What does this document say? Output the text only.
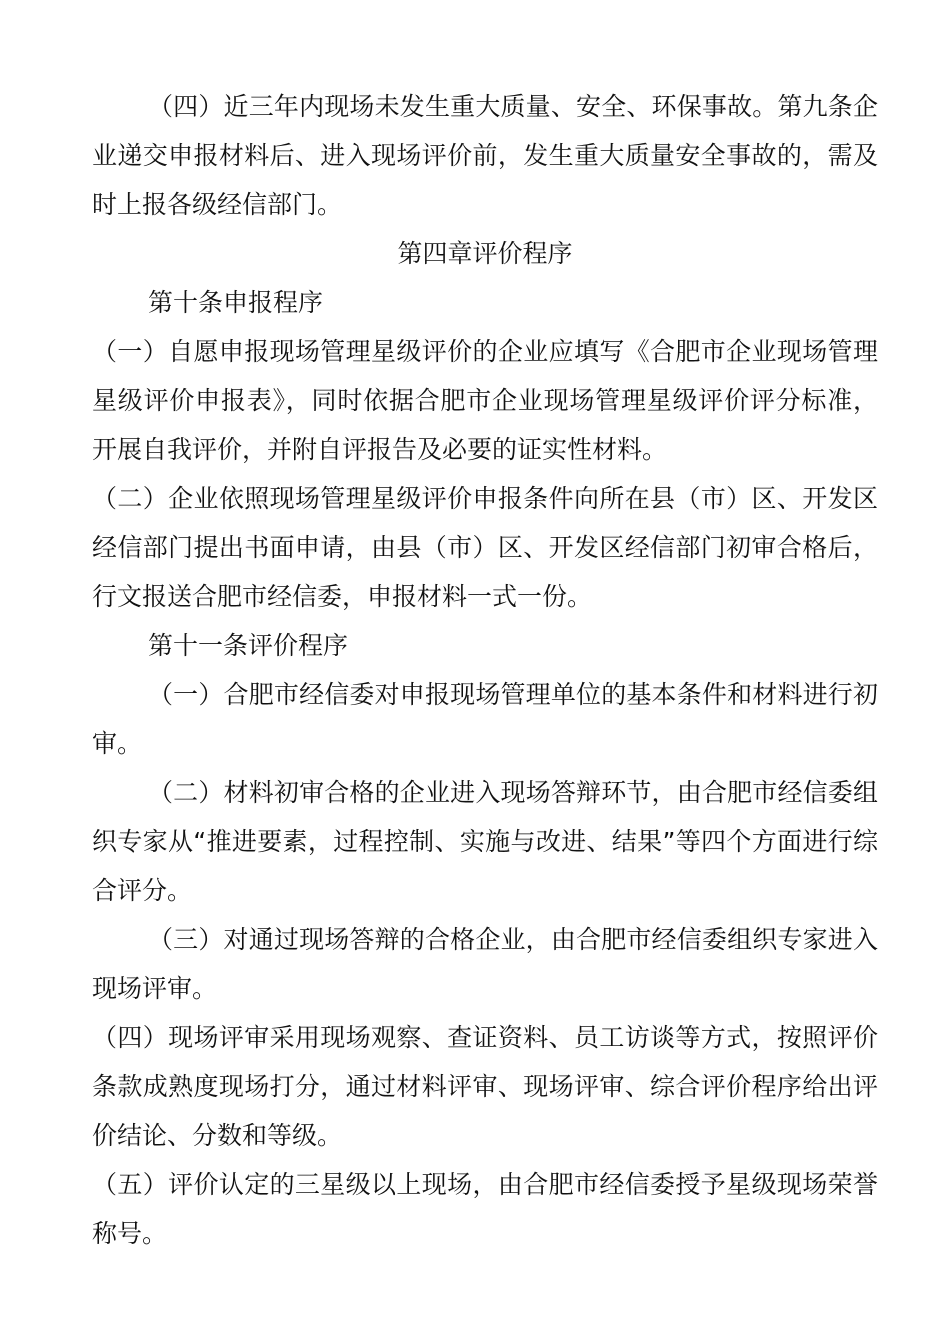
（四）近三年内现场未发生重大质量、安全、环保事故。第九条企业递交申报材料后、进入现场评价前，发生重大质量安全事故的，需及时上报各级经信部门。

第四章评价程序

第十条申报程序

（一）自愿申报现场管理星级评价的企业应填写《合肥市企业现场管理星级评价申报表》，同时依据合肥市企业现场管理星级评价评分标准，开展自我评价，并附自评报告及必要的证实性材料。

（二）企业依照现场管理星级评价申报条件向所在县（市）区、开发区经信部门提出书面申请，由县（市）区、开发区经信部门初审合格后，行文报送合肥市经信委，申报材料一式一份。

第十一条评价程序

（一）合肥市经信委对申报现场管理单位的基本条件和材料进行初审。

（二）材料初审合格的企业进入现场答辩环节，由合肥市经信委组织专家从“推进要素，过程控制、实施与改进、结果”等四个方面进行综合评分。

（三）对通过现场答辩的合格企业，由合肥市经信委组织专家进入现场评审。

（四）现场评审采用现场观察、查证资料、员工访谈等方式，按照评价条款成熟度现场打分，通过材料评审、现场评审、综合评价程序给出评价结论、分数和等级。

（五）评价认定的三星级以上现场，由合肥市经信委授予星级现场荣誉称号。
